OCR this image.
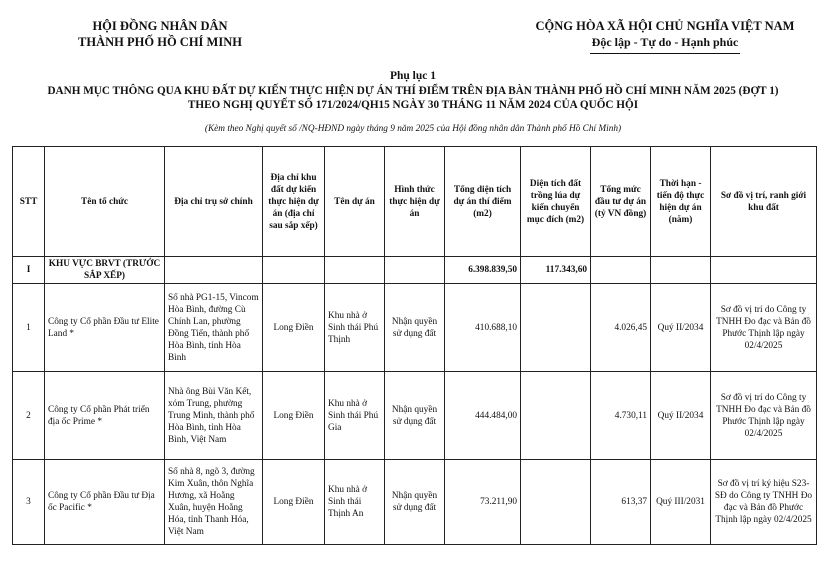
HỘI ĐỒNG NHÂN DÂN
THÀNH PHỐ HỒ CHÍ MINH
CỘNG HÒA XÃ HỘI CHỦ NGHĨA VIỆT NAM
Độc lập - Tự do - Hạnh phúc
Phụ lục 1
DANH MỤC THÔNG QUA KHU ĐẤT DỰ KIẾN THỰC HIỆN DỰ ÁN THÍ ĐIỂM TRÊN ĐỊA BÀN THÀNH PHỐ HỒ CHÍ MINH NĂM 2025 (ĐỢT 1)
THEO NGHỊ QUYẾT SỐ 171/2024/QH15 NGÀY 30 THÁNG 11 NĂM 2024 CỦA QUỐC HỘI
(Kèm theo Nghị quyết số /NQ-HĐND ngày tháng 9 năm 2025 của Hội đồng nhân dân Thành phố Hồ Chí Minh)
STT	Tên tổ chức	Địa chỉ trụ sở chính	Địa chỉ khu đất dự kiến thực hiện dự án (địa chỉ sau sắp xếp)	Tên dự án	Hình thức thực hiện dự án	Tổng diện tích dự án thí điểm (m2)	Diện tích đất trồng lúa dự kiến chuyển mục đích (m2)	Tổng mức đầu tư dự án (tỷ VN đồng)	Thời hạn - tiến độ thực hiện dự án (năm)	Sơ đồ vị trí, ranh giới khu đất
I	KHU VỰC BRVT (TRƯỚC SẮP XẾP)					6.398.839,50	117.343,60			
1	Công ty Cổ phần Đầu tư Elite Land *	Số nhà PG1-15, Vincom Hòa Bình, đường Cù Chính Lan, phường Đồng Tiến, thành phố Hòa Bình, tỉnh Hòa Bình	Long Điền	Khu nhà ở Sinh thái Phú Thịnh	Nhận quyền sử dụng đất	410.688,10		4.026,45	Quý II/2034	Sơ đồ vị trí do Công ty TNHH Đo đạc và Bản đồ Phước Thịnh lập ngày 02/4/2025
2	Công ty Cổ phần Phát triển địa ốc Prime *	Nhà ông Bùi Văn Kết, xóm Trung, phường Trung Minh, thành phố Hòa Bình, tỉnh Hòa Bình, Việt Nam	Long Điền	Khu nhà ở Sinh thái Phú Gia	Nhận quyền sử dụng đất	444.484,00		4.730,11	Quý II/2034	Sơ đồ vị trí do Công ty TNHH Đo đạc và Bản đồ Phước Thịnh lập ngày 02/4/2025
3	Công ty Cổ phần Đầu tư Địa ốc Pacific *	Số nhà 8, ngõ 3, đường Kim Xuân, thôn Nghĩa Hương, xã Hoằng Xuân, huyện Hoằng Hóa, tỉnh Thanh Hóa, Việt Nam	Long Điền	Khu nhà ở Sinh thái Thịnh An	Nhận quyền sử dụng đất	73.211,90		613,37	Quý III/2031	Sơ đồ vị trí ký hiệu S23-SĐ do Công ty TNHH Đo đạc và Bản đồ Phước Thịnh lập ngày 02/4/2025
